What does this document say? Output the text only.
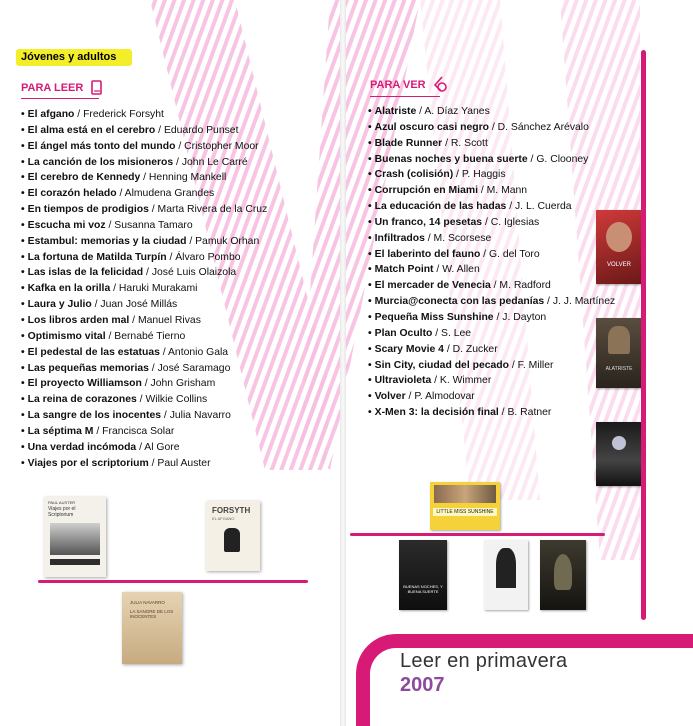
Jóvenes y adultos
PARA LEER
• El afgano / Frederick Forsyht
• El alma está en el cerebro / Eduardo Punset
• El ángel más tonto del mundo / Cristopher Moor
• La canción de los misioneros / John Le Carré
• El cerebro de Kennedy / Henning Mankell
• El corazón helado / Almudena Grandes
• En tiempos de prodigios / Marta Rivera de la Cruz
• Escucha mi voz / Susanna Tamaro
• Estambul: memorias y la ciudad / Pamuk Orhan
• La fortuna de Matilda Turpín / Álvaro Pombo
• Las islas de la felicidad / José Luis Olaizola
• Kafka en la orilla / Haruki Murakami
• Laura y Julio / Juan José Millás
• Los libros arden mal / Manuel Rivas
• Optimismo vital / Bernabé Tierno
• El pedestal de las estatuas / Antonio Gala
• Las pequeñas memorias / José Saramago
• El proyecto Williamson / John Grisham
• La reina de corazones / Wilkie Collins
• La sangre de los inocentes / Julia Navarro
• La séptima M / Francisca Solar
• Una verdad incómoda / Al Gore
• Viajes por el scriptorium / Paul Auster
PARA VER
• Alatriste / A. Díaz Yanes
• Azul oscuro casi negro / D. Sánchez Arévalo
• Blade Runner / R. Scott
• Buenas noches y buena suerte / G. Clooney
• Crash (colisión) / P. Haggis
• Corrupción en Miami / M. Mann
• La educación de las hadas / J. L. Cuerda
• Un franco, 14 pesetas / C. Iglesias
• Infiltrados / M. Scorsese
• El laberinto del fauno / G. del Toro
• Match Point / W. Allen
• El mercader de Venecia / M. Radford
• Murcia@conecta con las pedanías / J. J. Martínez
• Pequeña Miss Sunshine / J. Dayton
• Plan Oculto / S. Lee
• Scary Movie 4 / D. Zucker
• Sin City, ciudad del pecado / F. Miller
• Ultravioleta / K. Wimmer
• Volver / P. Almodovar
• X-Men 3: la decisión final / B. Ratner
PAUL AUSTER
Viajes por el Scriptorium	FORSYTH
EL AFGANO
JULIA NAVARRO
LA SANGRE DE LOS INOCENTES
VOLVER
ALATRISTE
LITTLE MISS SUNSHINE
BUENAS NOCHES, Y BUENA SUERTE
Leer en primavera
2007
